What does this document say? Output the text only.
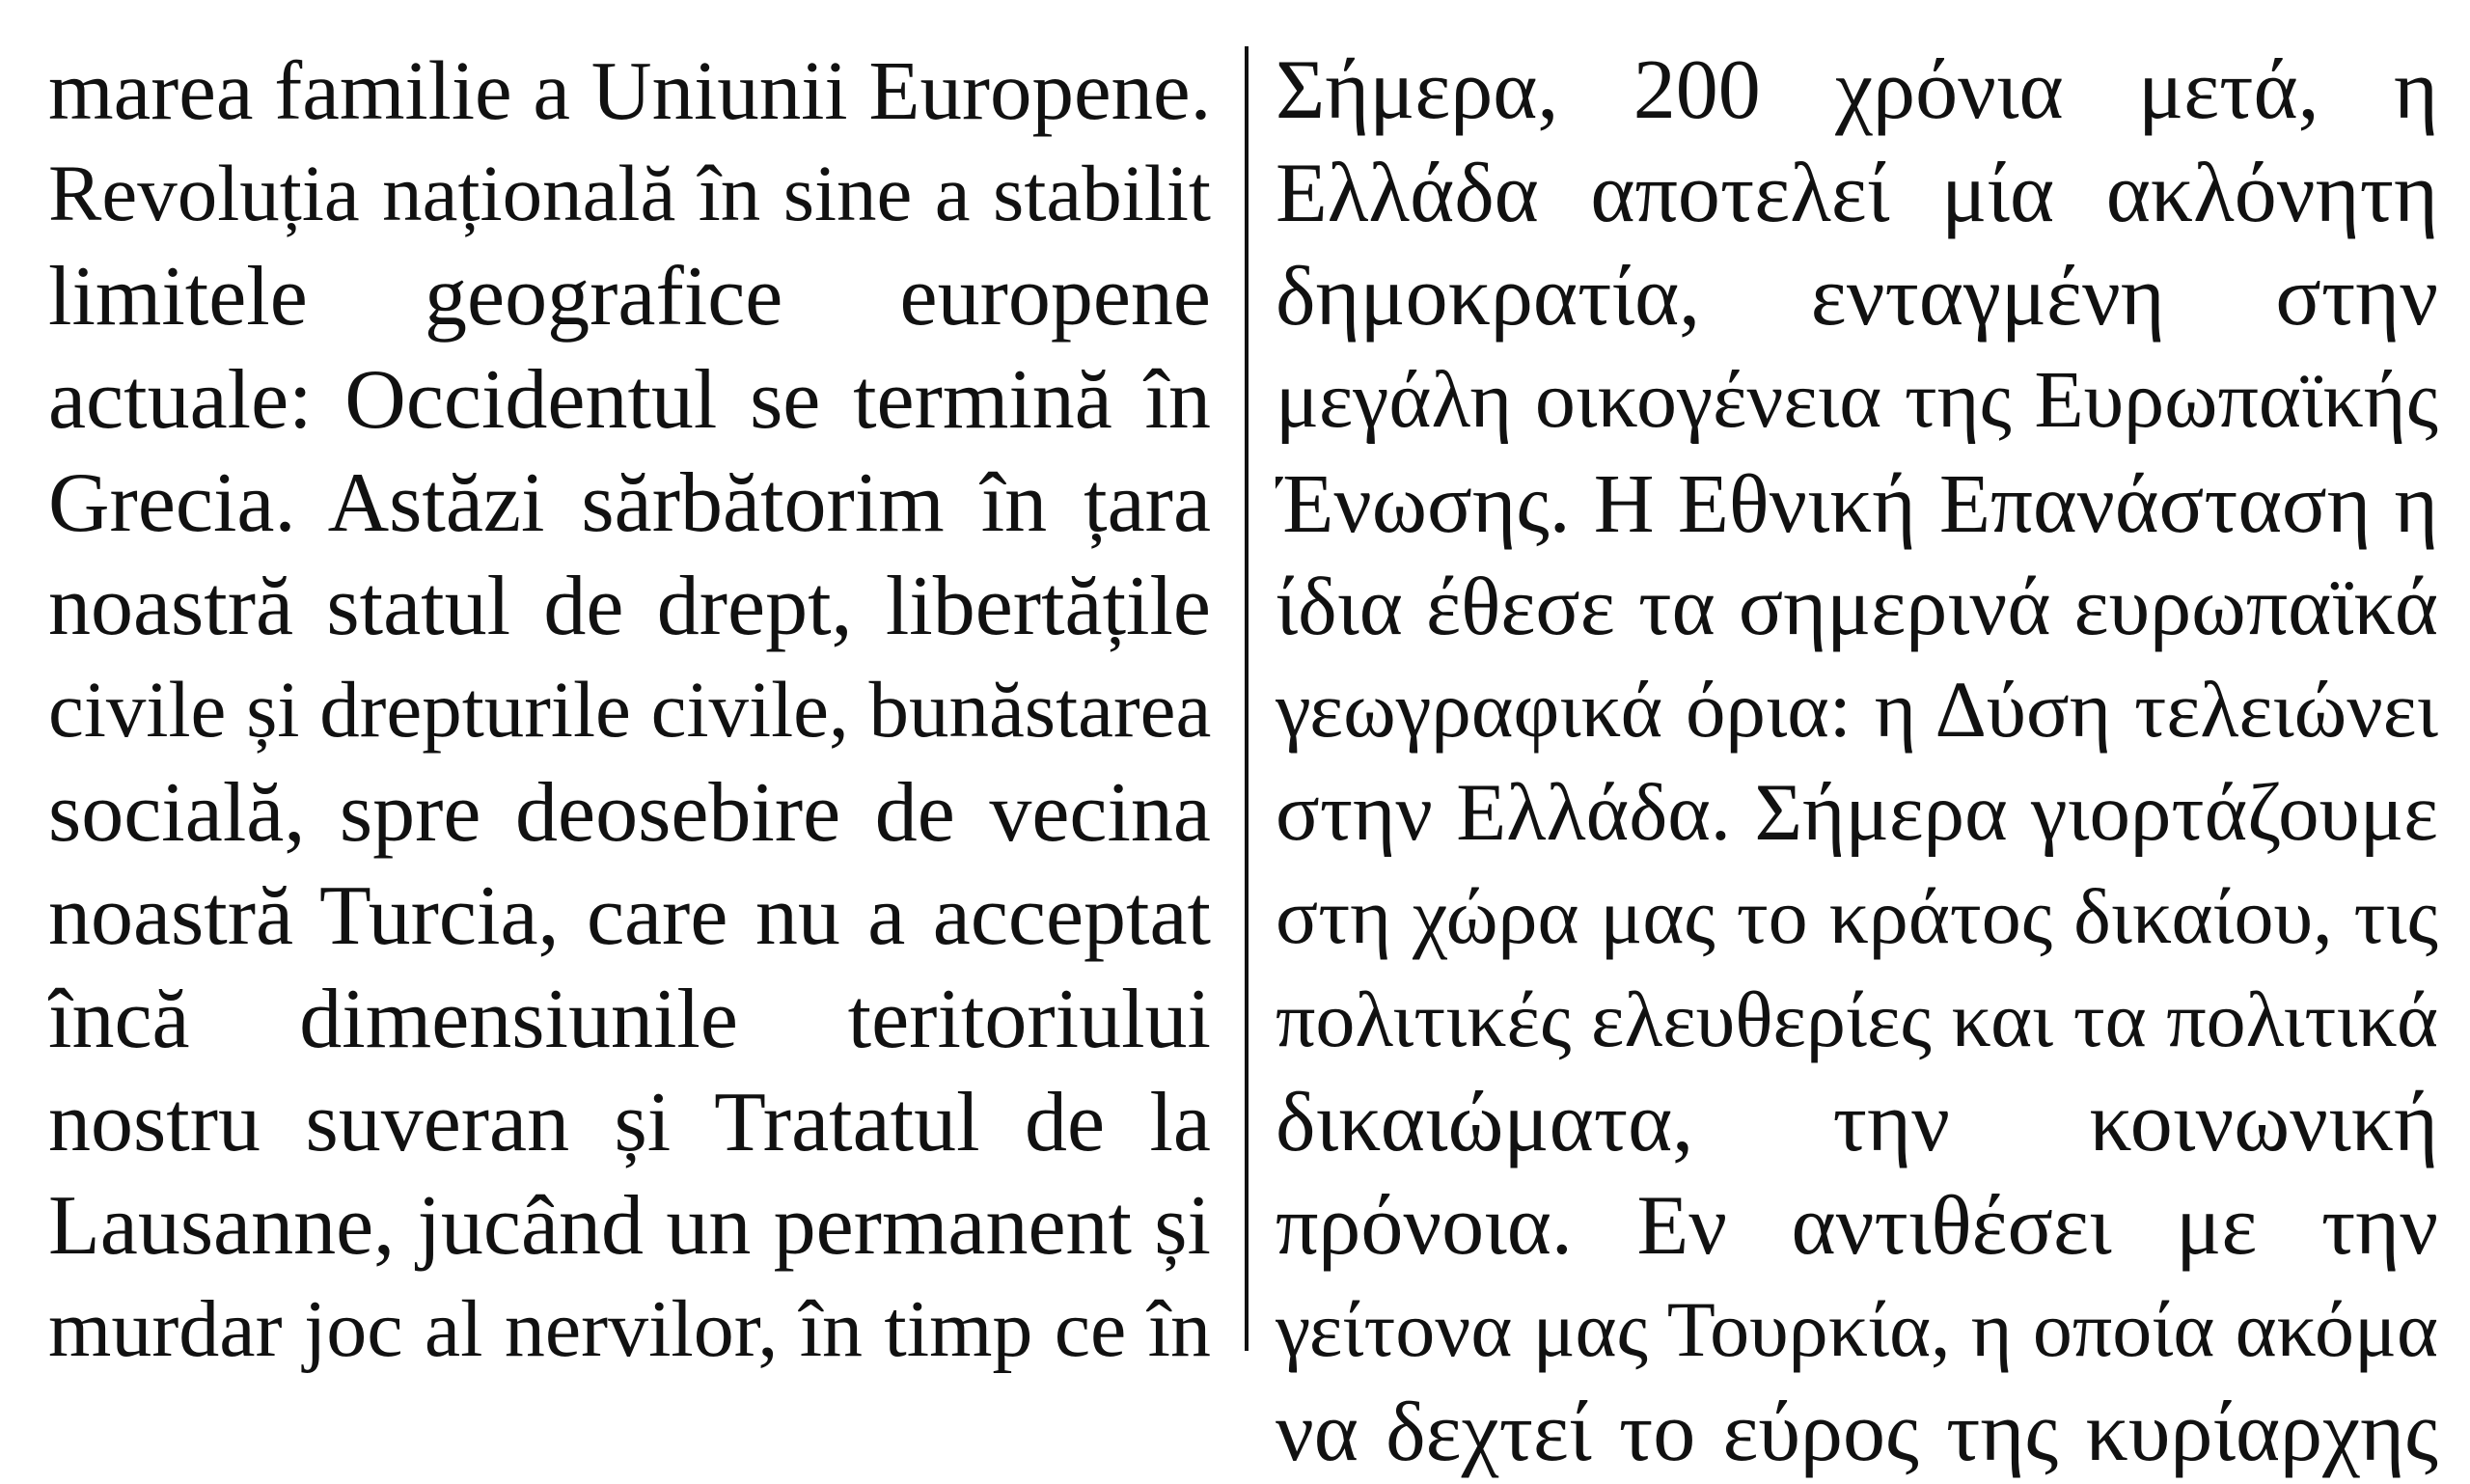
marea familie a Uniunii Europene.
Revoluția națională în sine a stabilit
limitele geografice europene
actuale: Occidentul se termină în
Grecia. Astăzi sărbătorim în țara
noastră statul de drept, libertățile
civile și drepturile civile, bunăstarea
socială, spre deosebire de vecina
noastră Turcia, care nu a acceptat
încă dimensiunile teritoriului
nostru suveran și Tratatul de la
Lausanne, jucând un permanent și
murdar joc al nervilor, în timp ce în
Σήμερα, 200 χρόνια μετά, η
Ελλάδα αποτελεί μία ακλόνητη
δημοκρατία, ενταγμένη στην
μεγάλη οικογένεια της Ευρωπαϊκής
Ένωσης. Η Εθνική Επανάσταση η
ίδια έθεσε τα σημερινά ευρωπαϊκά
γεωγραφικά όρια: η Δύση τελειώνει
στην Ελλάδα. Σήμερα γιορτάζουμε
στη χώρα μας το κράτος δικαίου, τις
πολιτικές ελευθερίες και τα πολιτικά
δικαιώματα, την κοινωνική
πρόνοια. Εν αντιθέσει με την
γείτονα μας Τουρκία, η οποία ακόμα
να δεχτεί το εύρος της κυρίαρχης
